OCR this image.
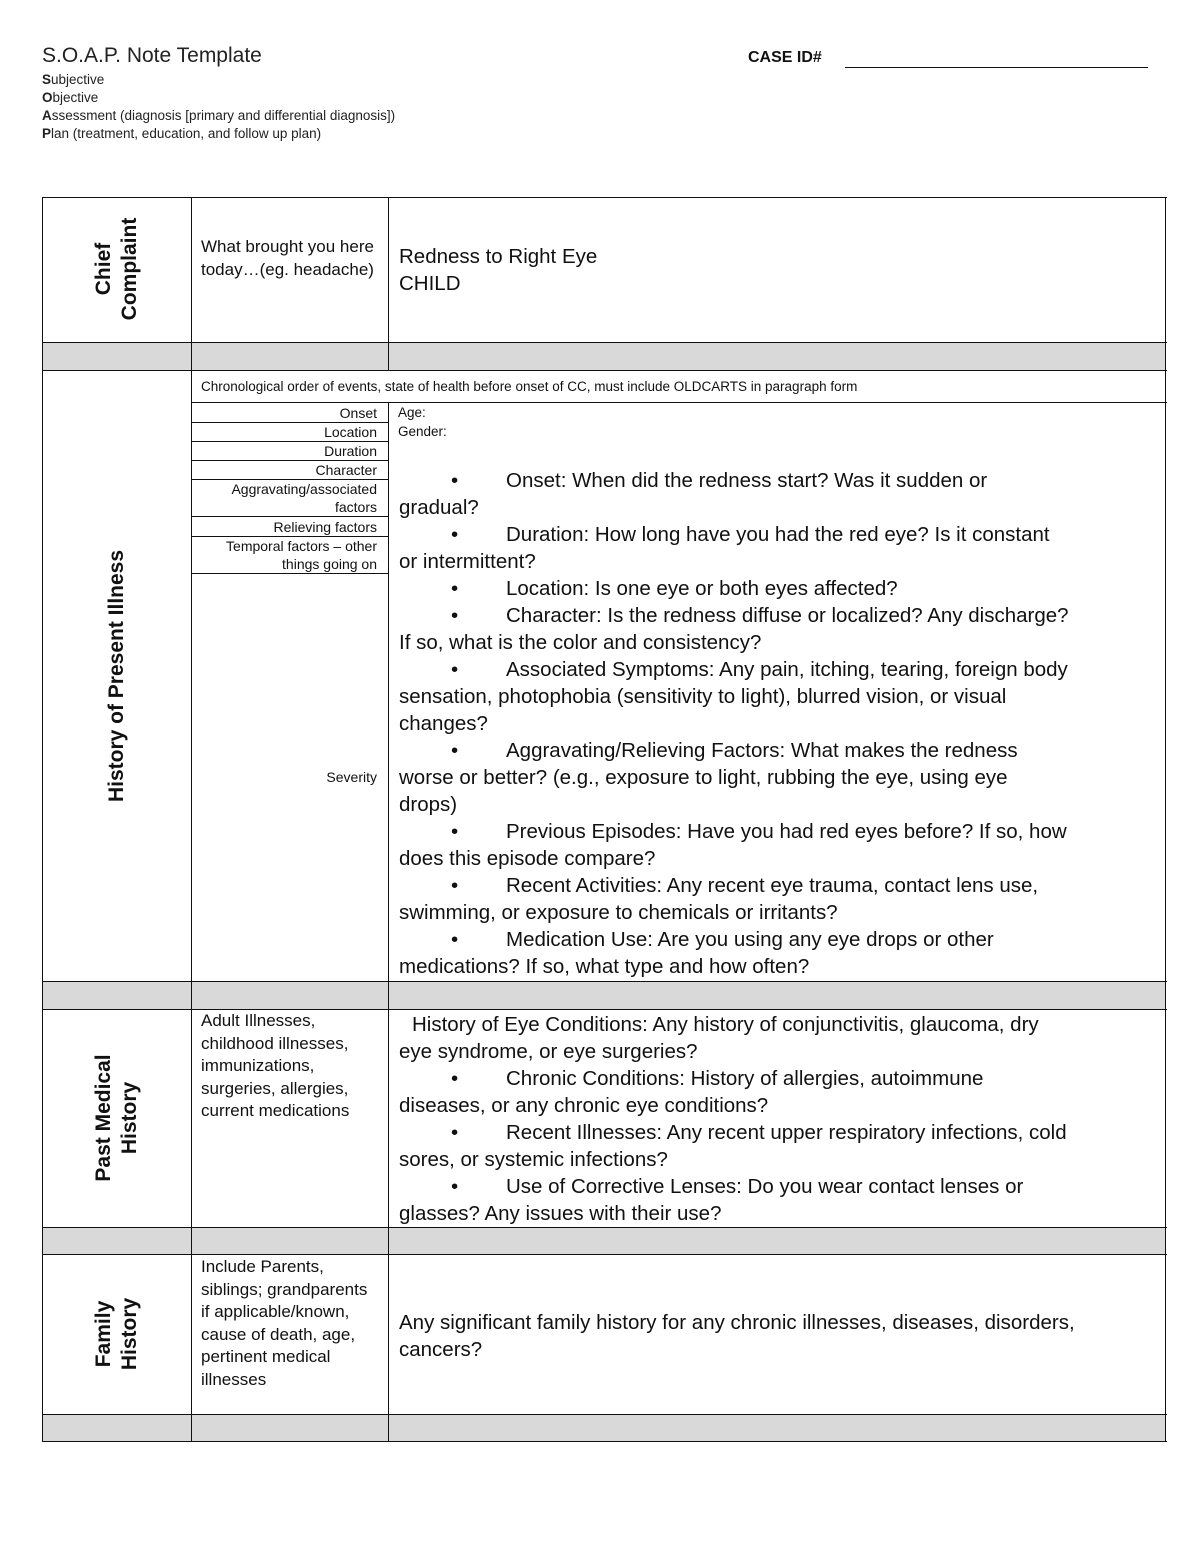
S.O.A.P. Note Template
Subjective
Objective
Assessment (diagnosis [primary and differential diagnosis])
Plan (treatment, education, and follow up plan)
CASE ID#
Chief Complaint	What brought you here today…(eg. headache)
Redness to Right Eye
CHILD
History of Present Illness
Chronological order of events, state of health before onset of CC, must include OLDCARTS in paragraph form
Onset
Location
Duration
Character
Aggravating/associated factors
Relieving factors
Temporal factors – other things going on
Severity
Age:
Gender:
• Onset: When did the redness start? Was it sudden or
gradual?
• Duration: How long have you had the red eye? Is it constant
or intermittent?
• Location: Is one eye or both eyes affected?
• Character: Is the redness diffuse or localized? Any discharge?
If so, what is the color and consistency?
• Associated Symptoms: Any pain, itching, tearing, foreign body
sensation, photophobia (sensitivity to light), blurred vision, or visual
changes?
• Aggravating/Relieving Factors: What makes the redness
worse or better? (e.g., exposure to light, rubbing the eye, using eye
drops)
• Previous Episodes: Have you had red eyes before? If so, how
does this episode compare?
• Recent Activities: Any recent eye trauma, contact lens use,
swimming, or exposure to chemicals or irritants?
• Medication Use: Are you using any eye drops or other
medications? If so, what type and how often?
Past Medical History
Adult Illnesses, childhood illnesses, immunizations, surgeries, allergies, current medications
History of Eye Conditions: Any history of conjunctivitis, glaucoma, dry
eye syndrome, or eye surgeries?
• Chronic Conditions: History of allergies, autoimmune
diseases, or any chronic eye conditions?
• Recent Illnesses: Any recent upper respiratory infections, cold
sores, or systemic infections?
• Use of Corrective Lenses: Do you wear contact lenses or
glasses? Any issues with their use?
Family History
Include Parents, siblings; grandparents if applicable/known, cause of death, age, pertinent medical illnesses
Any significant family history for any chronic illnesses, diseases, disorders, cancers?
